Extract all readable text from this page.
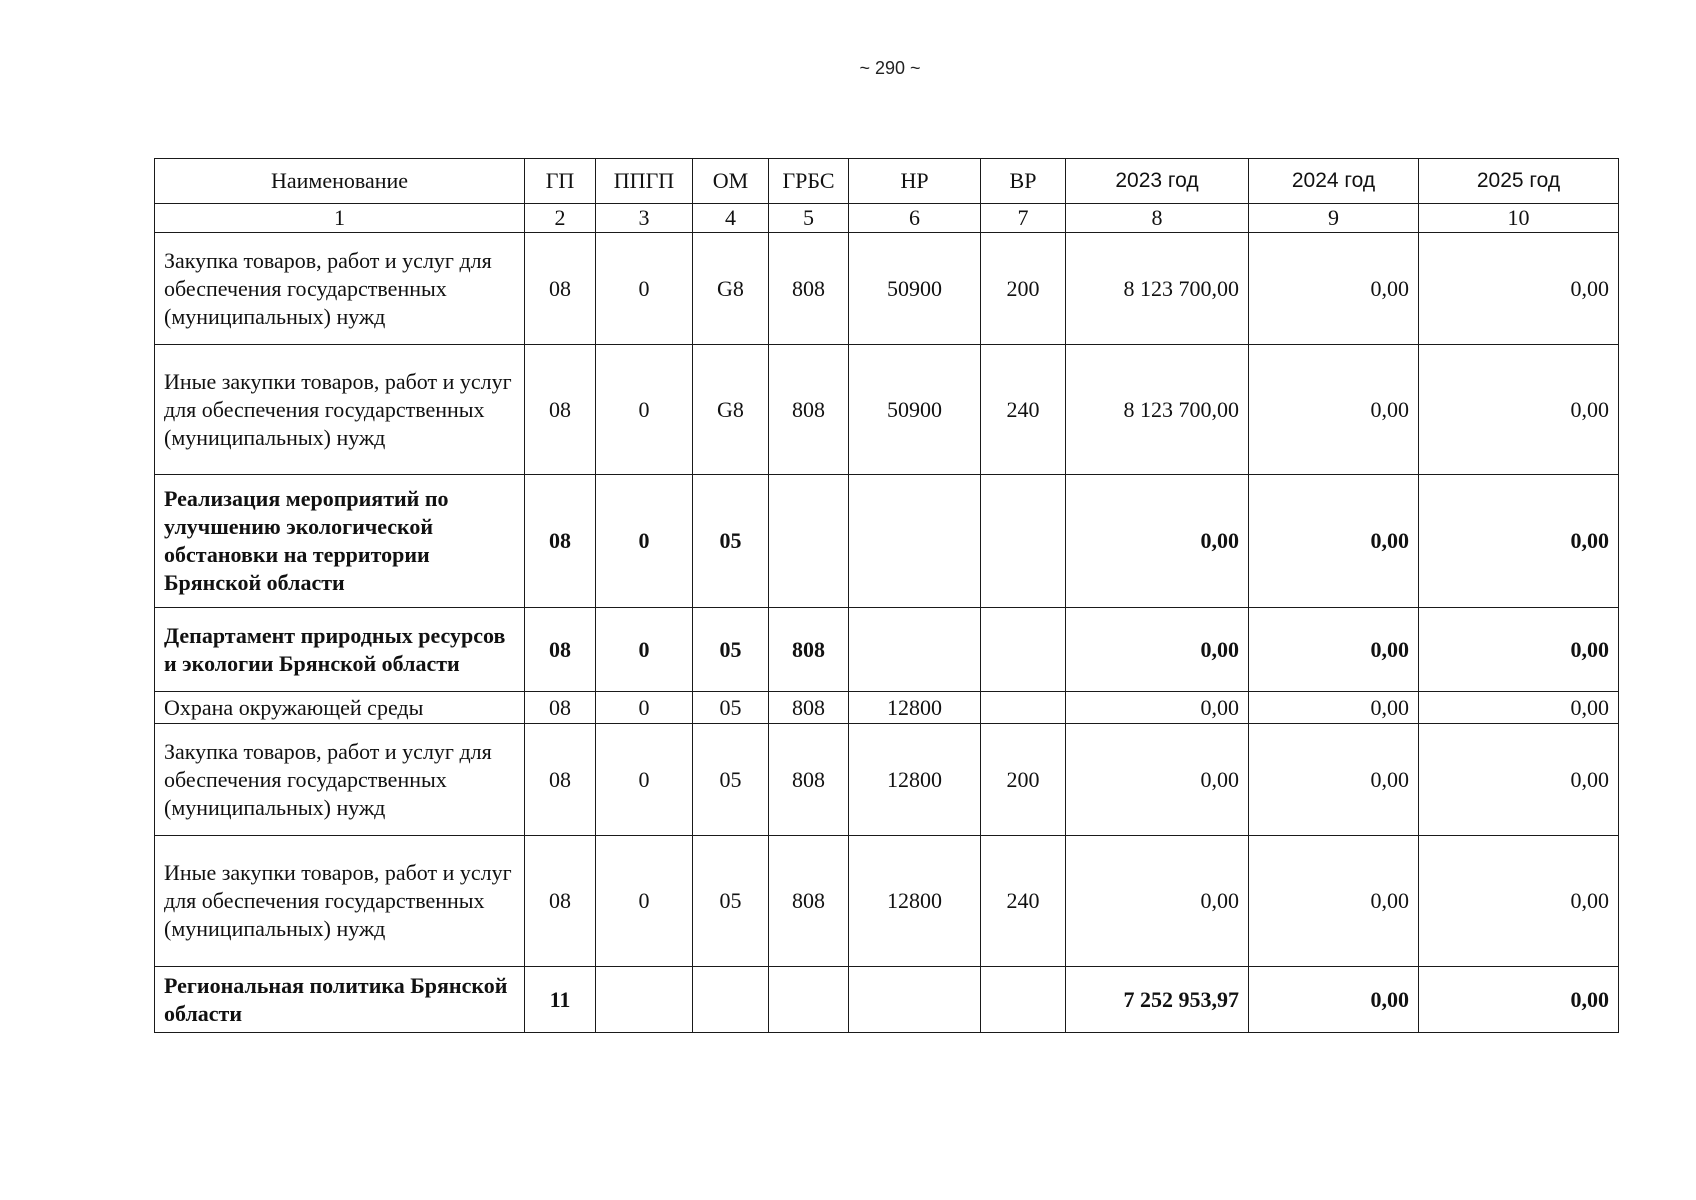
~ 290 ~
Наименование	ГП	ППГП	ОМ	ГРБС	НР	ВР	2023 год	2024 год	2025 год
1	2	3	4	5	6	7	8	9	10
Закупка товаров, работ и услуг для обеспечения государственных (муниципальных) нужд	08	0	G8	808	50900	200	8 123 700,00	0,00	0,00
Иные закупки товаров, работ и услуг для обеспечения государственных (муниципальных) нужд	08	0	G8	808	50900	240	8 123 700,00	0,00	0,00
Реализация мероприятий по улучшению экологической обстановки на территории Брянской области	08	0	05				0,00	0,00	0,00
Департамент природных ресурсов и экологии Брянской области	08	0	05	808			0,00	0,00	0,00
Охрана окружающей среды	08	0	05	808	12800		0,00	0,00	0,00
Закупка товаров, работ и услуг для обеспечения государственных (муниципальных) нужд	08	0	05	808	12800	200	0,00	0,00	0,00
Иные закупки товаров, работ и услуг для обеспечения государственных (муниципальных) нужд	08	0	05	808	12800	240	0,00	0,00	0,00
Региональная политика Брянской области	11						7 252 953,97	0,00	0,00
